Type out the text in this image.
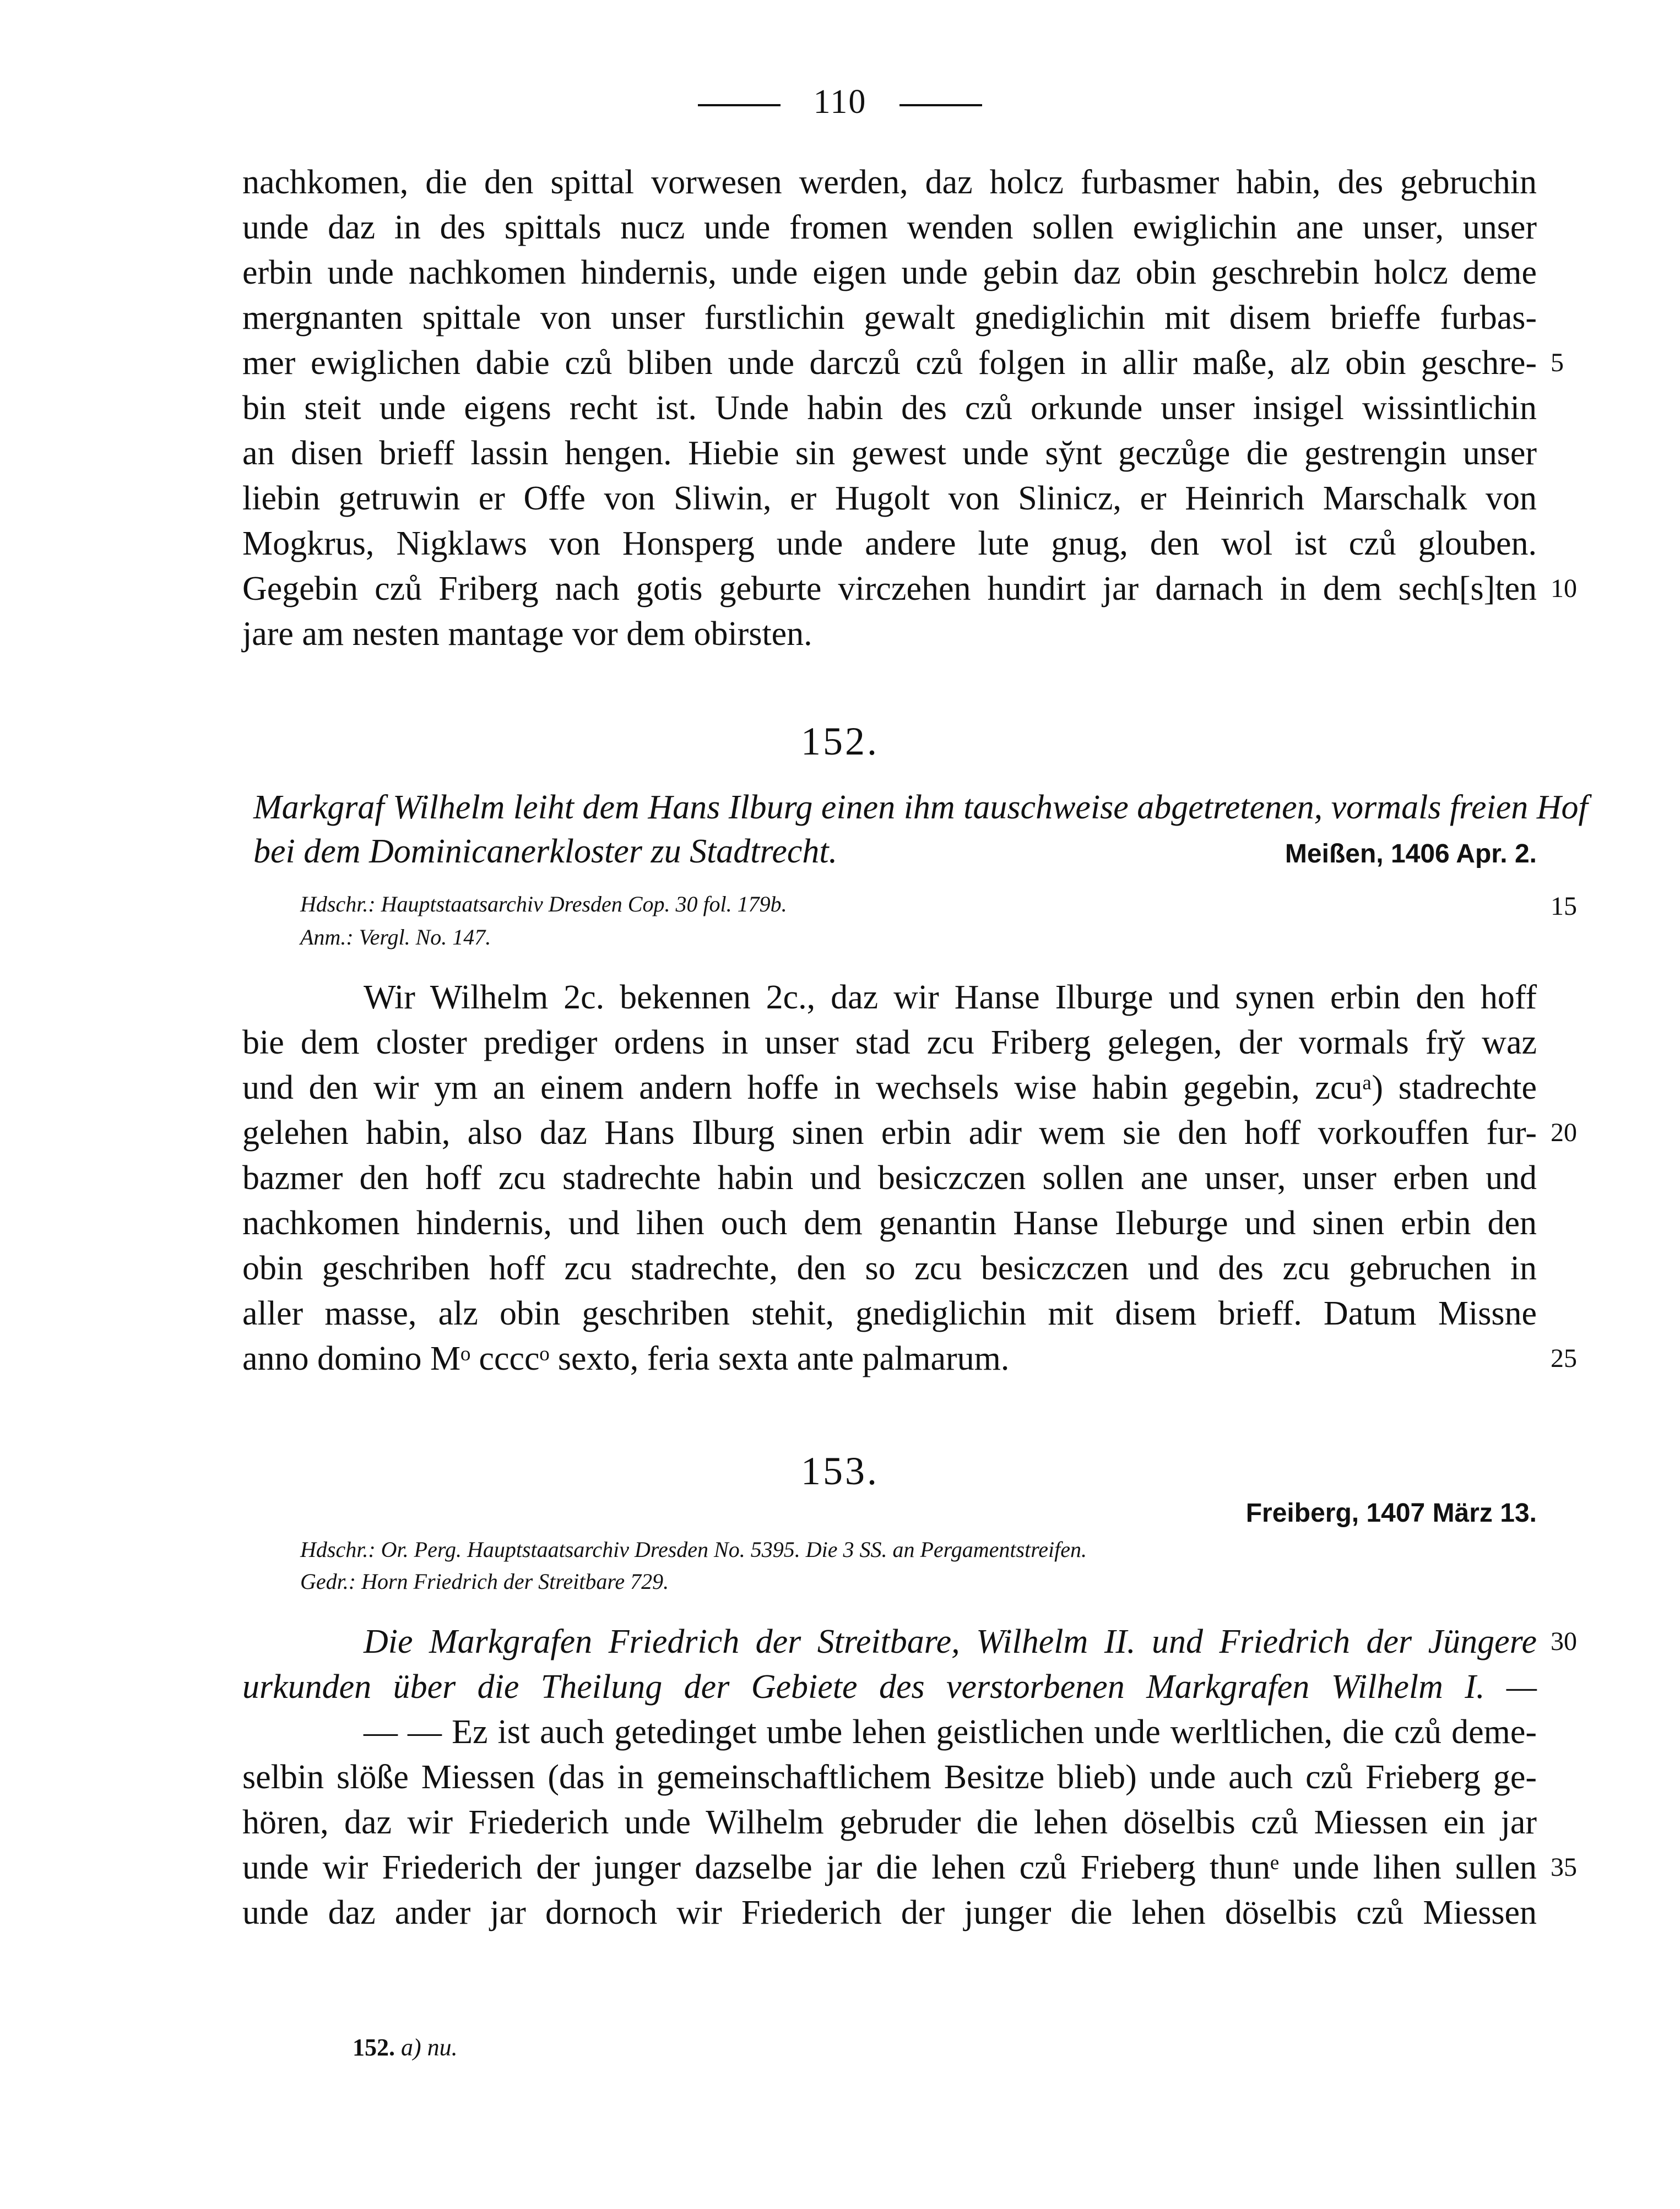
110
nachkomen, die den spittal vorwesen werden, daz holcz furbasmer habin, des gebruchin
unde daz in des spittals nucz unde fromen wenden sollen ewiglichin ane unser, unser
erbin unde nachkomen hindernis, unde eigen unde gebin daz obin geschrebin holcz deme
mergnanten spittale von unser furstlichin gewalt gnediglichin mit disem brieffe furbas-
mer ewiglichen dabie czů bliben unde darczů czů folgen in allir maße, alz obin geschre- 5
bin steit unde eigens recht ist. Unde habin des czů orkunde unser insigel wissintlichin
an disen brieff lassin hengen. Hiebie sin gewest unde sy̆nt geczůge die gestrengin unser
liebin getruwin er Offe von Sliwin, er Hugolt von Slinicz, er Heinrich Marschalk von
Mogkrus, Nigklaws von Honsperg unde andere lute gnug, den wol ist czů glouben.
Gegebin czů Friberg nach gotis geburte virczehen hundirt jar darnach in dem sech[s]ten 10
jare am nesten mantage vor dem obirsten.
152.
Markgraf Wilhelm leiht dem Hans Ilburg einen ihm tauschweise abgetretenen, vormals freien Hof
bei dem Dominicanerkloster zu Stadtrecht.	Meißen, 1406 Apr. 2.
Hdschr.: Hauptstaatsarchiv Dresden Cop. 30 fol. 179b.	15
Anm.: Vergl. No. 147.
Wir Wilhelm 2c. bekennen 2c., daz wir Hanse Ilburge und synen erbin den hoff
bie dem closter prediger ordens in unser stad zcu Friberg gelegen, der vormals fry̆ waz
und den wir ym an einem andern hoffe in wechsels wise habin gegebin, zcuᵃ) stadrechte
gelehen habin, also daz Hans Ilburg sinen erbin adir wem sie den hoff vorkouffen fur- 20
bazmer den hoff zcu stadrechte habin und besiczczen sollen ane unser, unser erben und
nachkomen hindernis, und lihen ouch dem genantin Hanse Ileburge und sinen erbin den
obin geschriben hoff zcu stadrechte, den so zcu besiczczen und des zcu gebruchen in
aller masse, alz obin geschriben stehit, gnediglichin mit disem brieff. Datum Missne
anno domino Mᵒ ccccᵒ sexto, feria sexta ante palmarum.	25
153.
Freiberg, 1407 März 13.
Hdschr.: Or. Perg. Hauptstaatsarchiv Dresden No. 5395. Die 3 SS. an Pergamentstreifen.
Gedr.: Horn Friedrich der Streitbare 729.
Die Markgrafen Friedrich der Streitbare, Wilhelm II. und Friedrich der Jüngere 30
urkunden über die Theilung der Gebiete des verstorbenen Markgrafen Wilhelm I. —
— — Ez ist auch getedinget umbe lehen geistlichen unde werltlichen, die czů deme-
selbin slöße Miessen (das in gemeinschaftlichem Besitze blieb) unde auch czů Frieberg ge-
hören, daz wir Friederich unde Wilhelm gebruder die lehen döselbis czů Miessen ein jar
unde wir Friederich der junger dazselbe jar die lehen czů Frieberg thunᵉ unde lihen sullen 35
unde daz ander jar dornoch wir Friederich der junger die lehen döselbis czů Miessen
152. a) nu.
